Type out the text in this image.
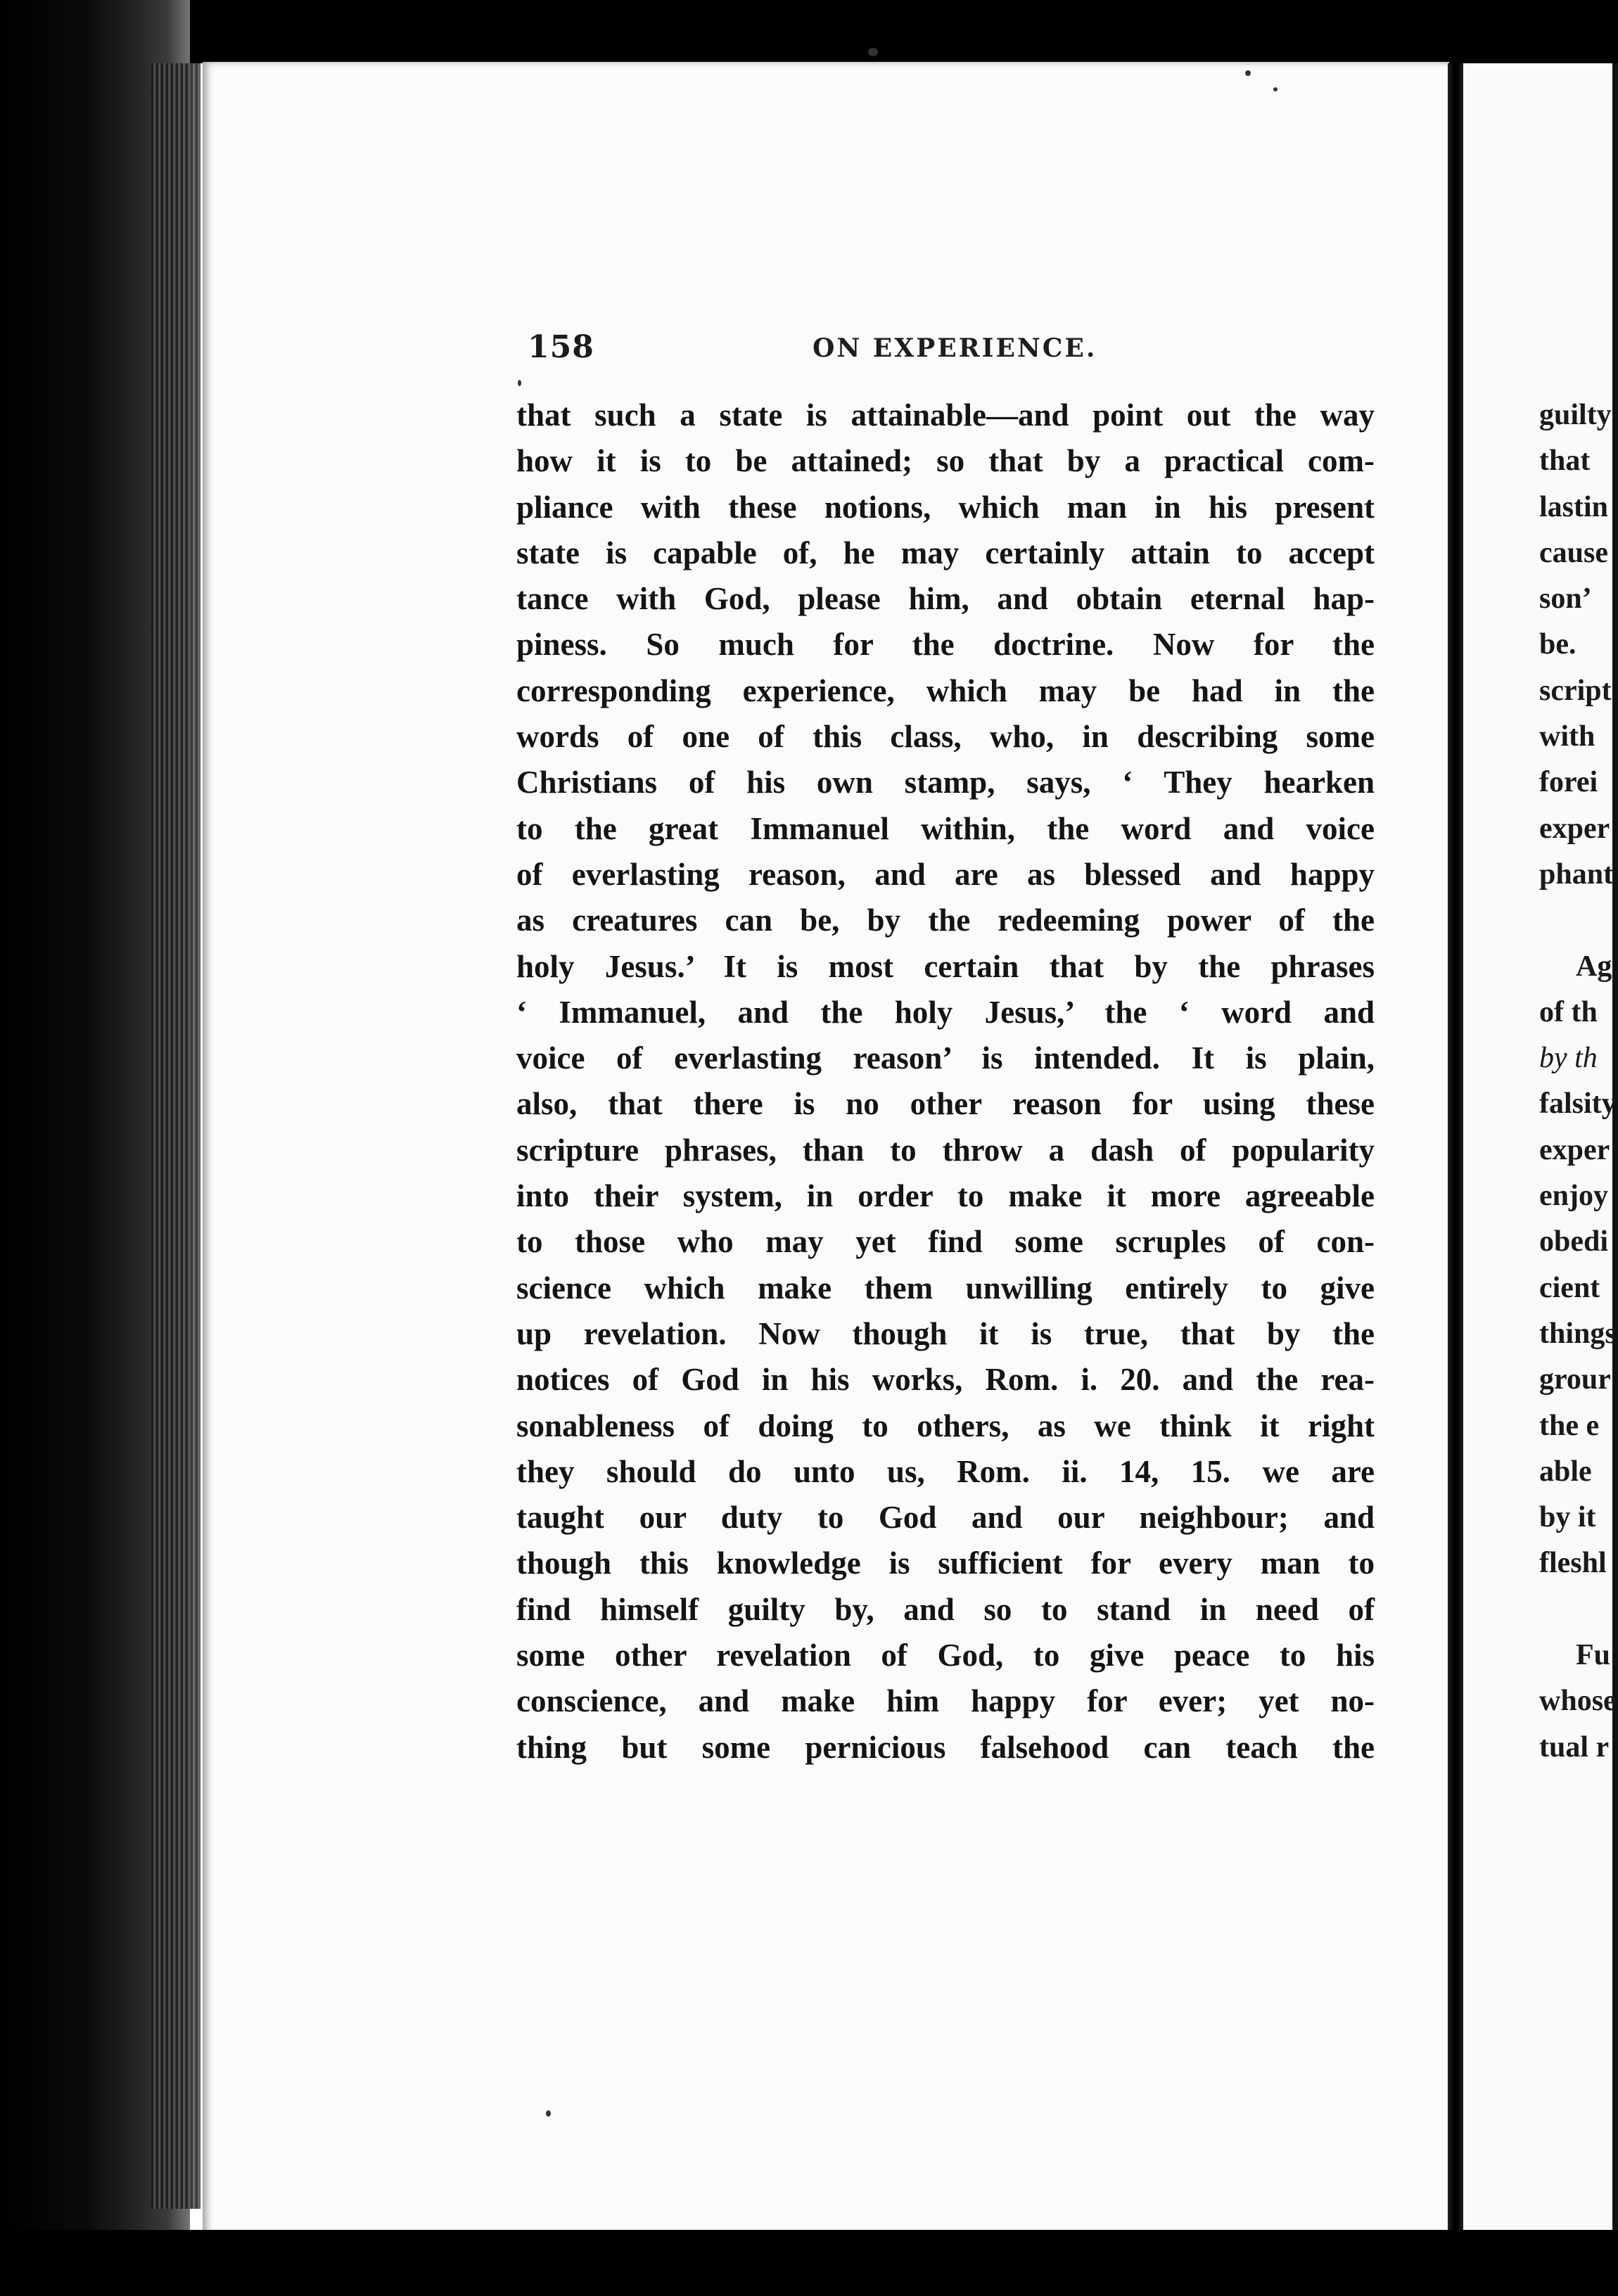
158	ON EXPERIENCE.
that such a state is attainable—and point out the way
how it is to be attained; so that by a practical com-
pliance with these notions, which man in his present
state is capable of, he may certainly attain to accept
tance with God, please him, and obtain eternal hap-
piness. So much for the doctrine. Now for the
corresponding experience, which may be had in the
words of one of this class, who, in describing some
Christians of his own stamp, says, ‘ They hearken
to the great Immanuel within, the word and voice
of everlasting reason, and are as blessed and happy
as creatures can be, by the redeeming power of the
holy Jesus.’ It is most certain that by the phrases
‘ Immanuel, and the holy Jesus,’ the ‘ word and
voice of everlasting reason’ is intended. It is plain,
also, that there is no other reason for using these
scripture phrases, than to throw a dash of popularity
into their system, in order to make it more agreeable
to those who may yet find some scruples of con-
science which make them unwilling entirely to give
up revelation. Now though it is true, that by the
notices of God in his works, Rom. i. 20. and the rea-
sonableness of doing to others, as we think it right
they should do unto us, Rom. ii. 14, 15. we are
taught our duty to God and our neighbour; and
though this knowledge is sufficient for every man to
find himself guilty by, and so to stand in need of
some other revelation of God, to give peace to his
conscience, and make him happy for ever; yet no-
thing but some pernicious falsehood can teach the
guilty
that
lastin
cause
son’
be.
script
with
forei
exper
phant
Ag
of th
by th
falsity
exper
enjoy
obedi
cient
things
grour
the e
able
by it
fleshl
Fu
whose
tual r
